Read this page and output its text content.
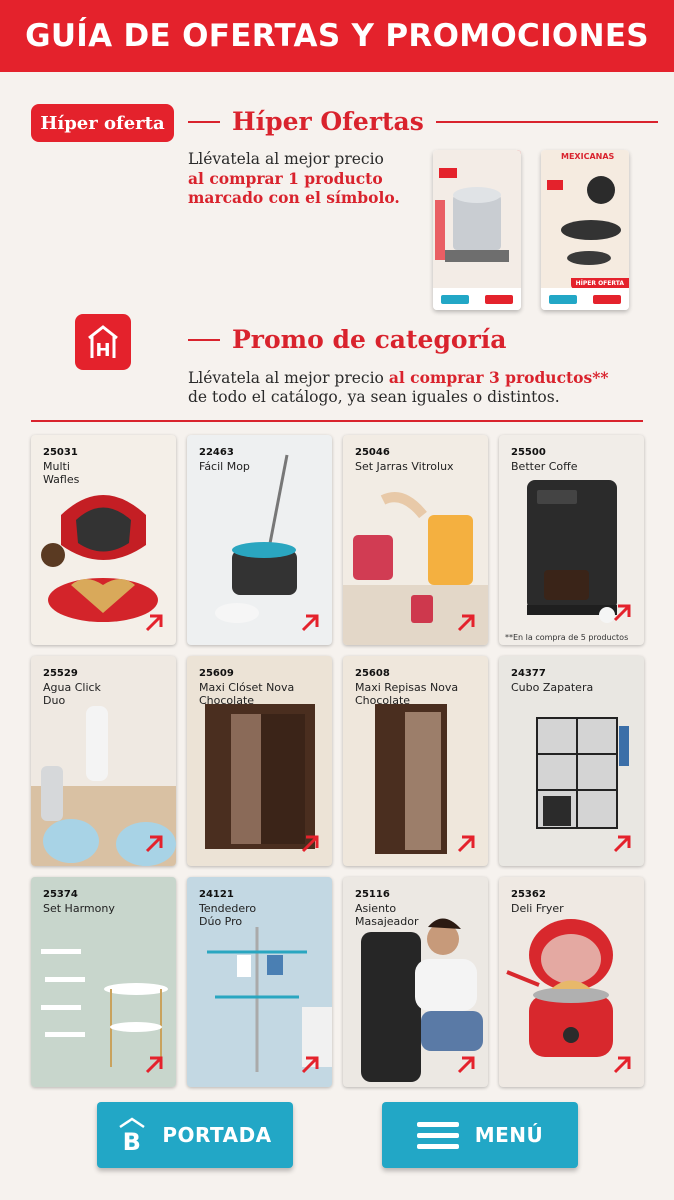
GUÍA DE OFERTAS Y PROMOCIONES
Híper oferta	Híper Ofertas
Llévatela al mejor precio
al comprar 1 producto
marcado con el símbolo.
MEXICANAS
HÍPER OFERTA
H	Promo de categoría
Llévatela al mejor precio al comprar 3 productos**
de todo el catálogo, ya sean iguales o distintos.
25031
Multi
Wafles
22463
Fácil Mop
25046
Set Jarras Vitrolux
25500
Better Coffe
**En la compra de 5 productos
25529
Agua Click
Duo
25609
Maxi Clóset Nova
Chocolate
25608
Maxi Repisas Nova
Chocolate
24377
Cubo Zapatera
25374
Set Harmony
24121
Tendedero
Dúo Pro
25116
Asiento
Masajeador
25362
Deli Fryer
B PORTADA	MENÚ
